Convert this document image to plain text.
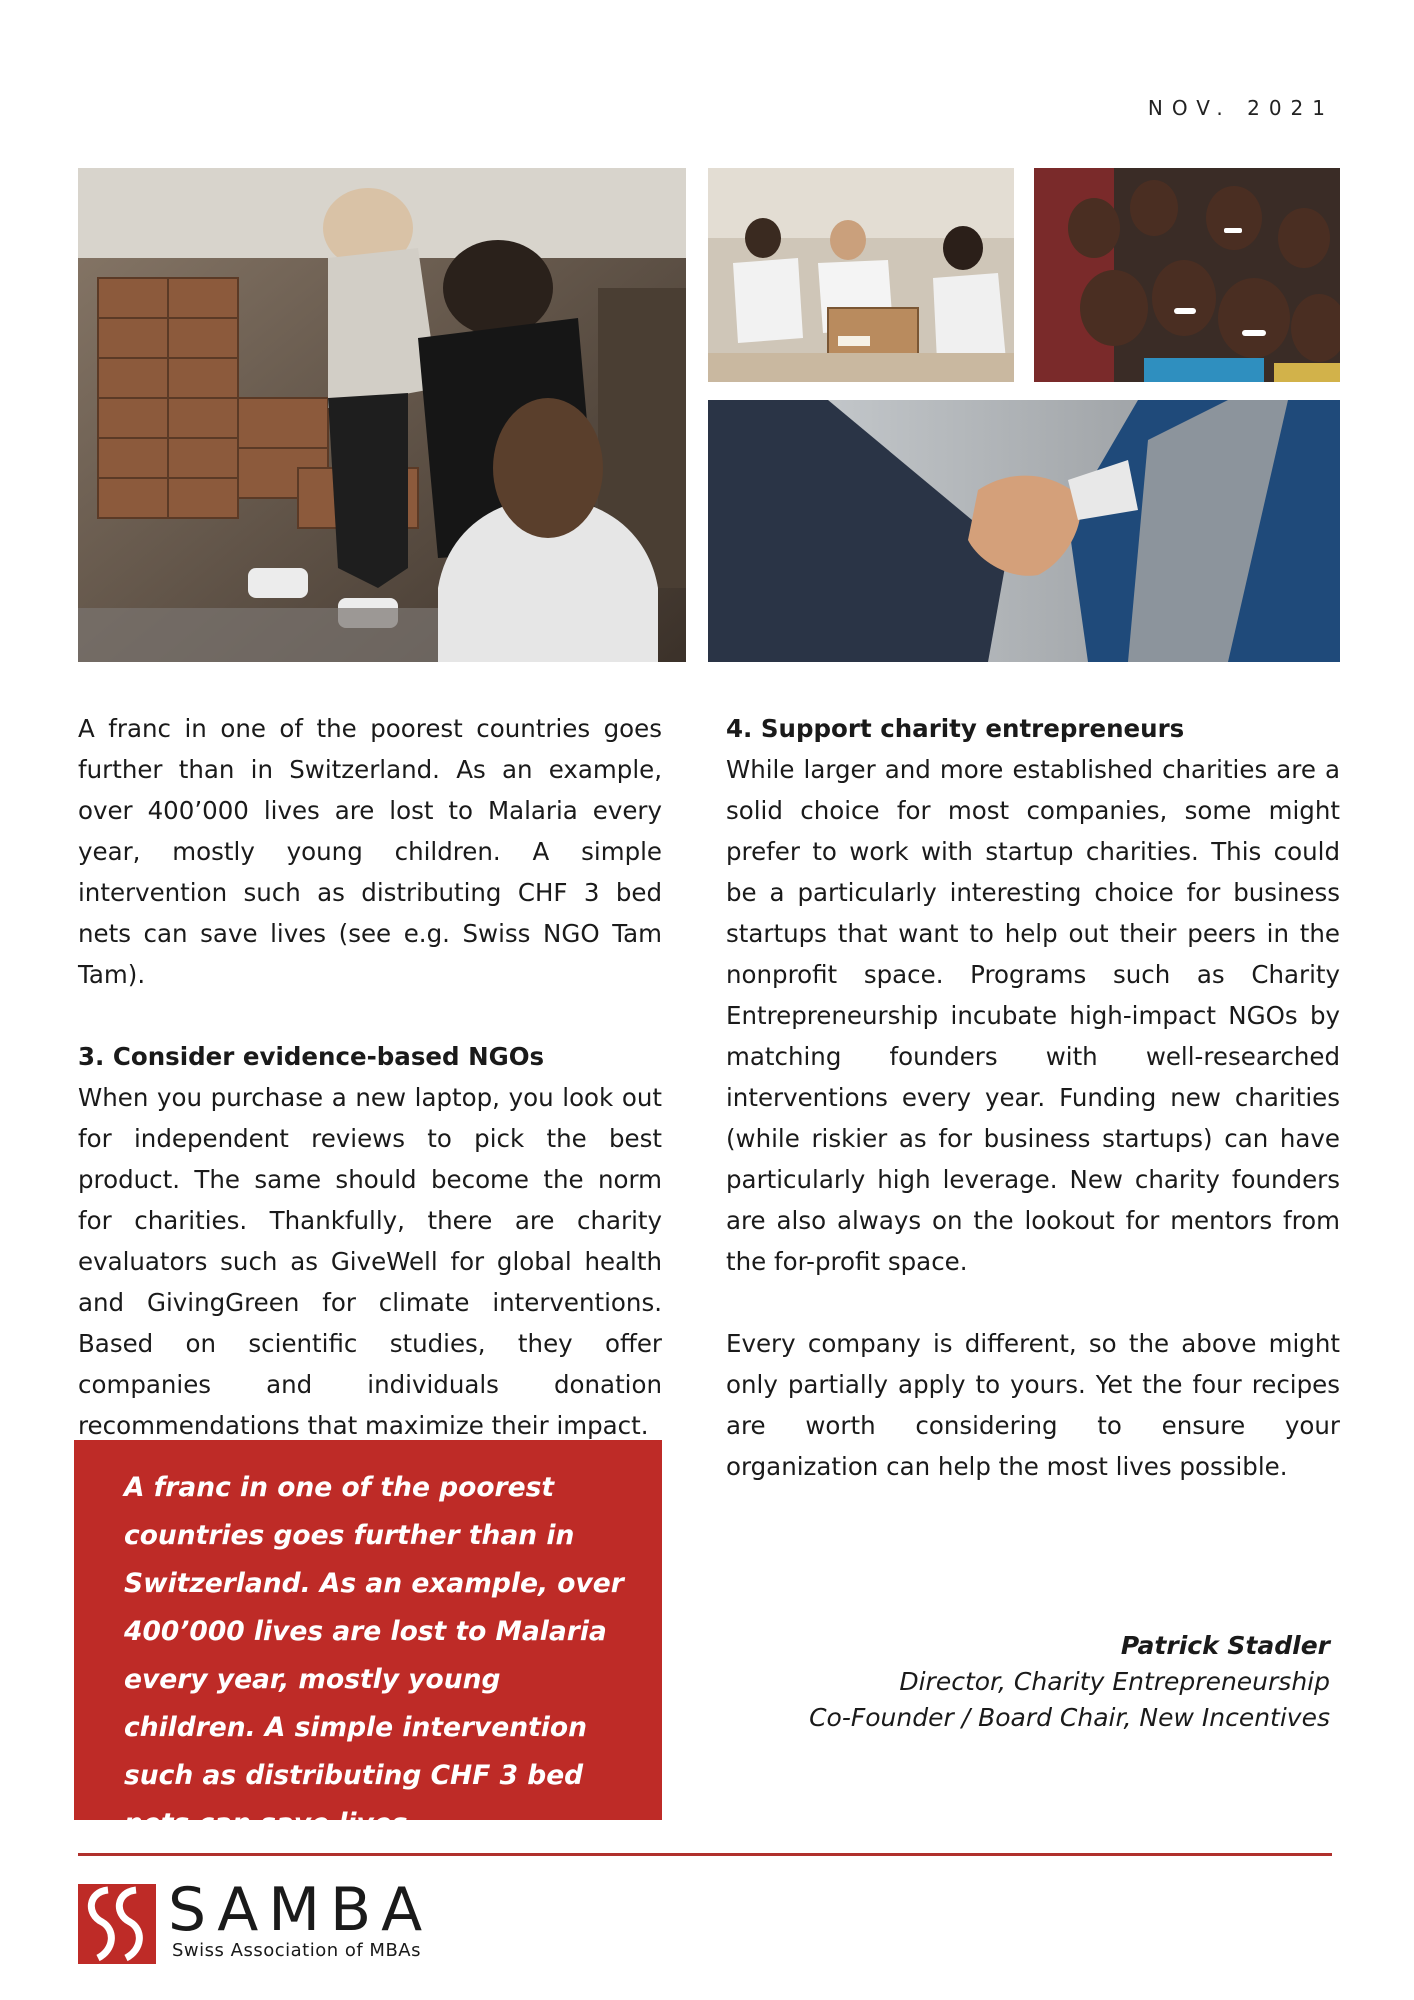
NOV. 2021

A franc in one of the poorest countries goes further than in Switzerland. As an example, over 400’000 lives are lost to Malaria every year, mostly young children. A simple intervention such as distributing CHF 3 bed nets can save lives (see e.g. Swiss NGO Tam Tam).

3. Consider evidence-based NGOs

When you purchase a new laptop, you look out for independent reviews to pick the best product. The same should become the norm for charities. Thankfully, there are charity evaluators such as GiveWell for global health and GivingGreen for climate interventions. Based on scientific studies, they offer companies and individuals donation recommendations that maximize their impact.

4. Support charity entrepreneurs

While larger and more established charities are a solid choice for most companies, some might prefer to work with startup charities. This could be a particularly interesting choice for business startups that want to help out their peers in the nonprofit space. Programs such as Charity Entrepreneurship incubate high-impact NGOs by matching founders with well-researched interventions every year. Funding new charities (while riskier as for business startups) can have particularly high leverage. New charity founders are also always on the lookout for mentors from the for-profit space.

Every company is different, so the above might only partially apply to yours. Yet the four recipes are worth considering to ensure your organization can help the most lives possible.

A franc in one of the poorest countries goes further than in Switzerland. As an example, over 400’000 lives are lost to Malaria every year, mostly young children. A simple intervention such as distributing CHF 3 bed nets can save lives.

Patrick Stadler
Director, Charity Entrepreneurship
Co-Founder / Board Chair, New Incentives
SAMBA
Swiss Association of MBAs
